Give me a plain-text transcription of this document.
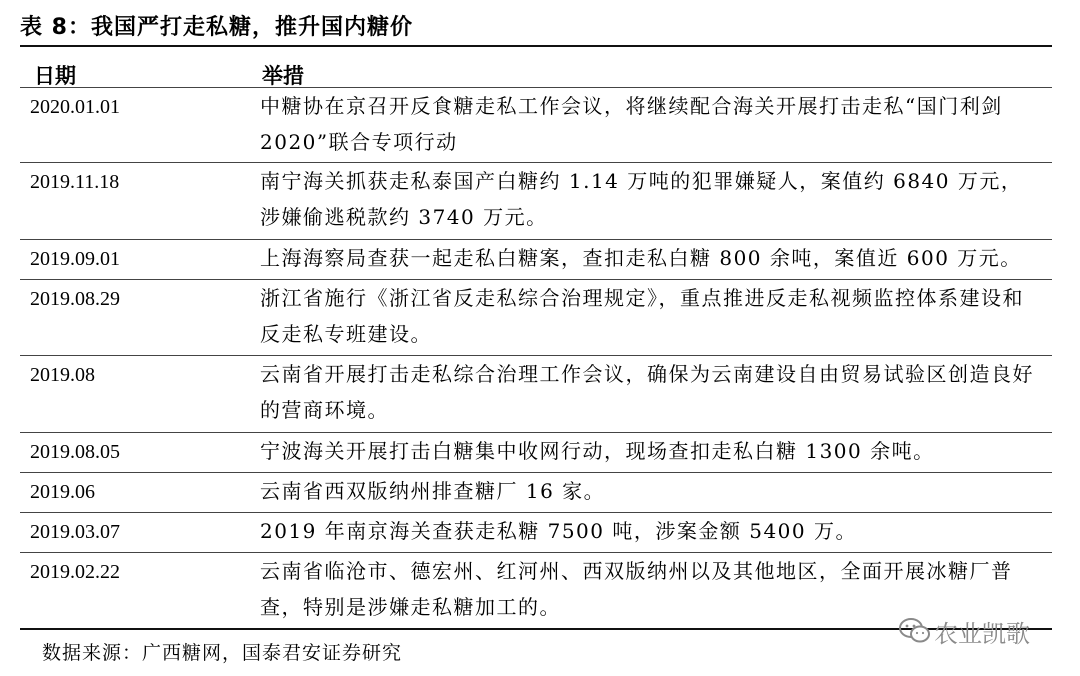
表 8：我国严打走私糖，推升国内糖价
日期	举措
2020.01.01	中糖协在京召开反食糖走私工作会议，将继续配合海关开展打击走私“国门利剑2020”联合专项行动
2019.11.18	南宁海关抓获走私泰国产白糖约 1.14 万吨的犯罪嫌疑人，案值约 6840 万元，涉嫌偷逃税款约 3740 万元。
2019.09.01	上海海察局查获一起走私白糖案，查扣走私白糖 800 余吨，案值近 600 万元。
2019.08.29	浙江省施行《浙江省反走私综合治理规定》，重点推进反走私视频监控体系建设和反走私专班建设。
2019.08	云南省开展打击走私综合治理工作会议，确保为云南建设自由贸易试验区创造良好的营商环境。
2019.08.05	宁波海关开展打击白糖集中收网行动，现场查扣走私白糖 1300 余吨。
2019.06	云南省西双版纳州排查糖厂 16 家。
2019.03.07	2019 年南京海关查获走私糖 7500 吨，涉案金额 5400 万。
2019.02.22	云南省临沧市、德宏州、红河州、西双版纳州以及其他地区，全面开展冰糖厂普查，特别是涉嫌走私糖加工的。
数据来源：广西糖网，国泰君安证券研究
农业凯歌
